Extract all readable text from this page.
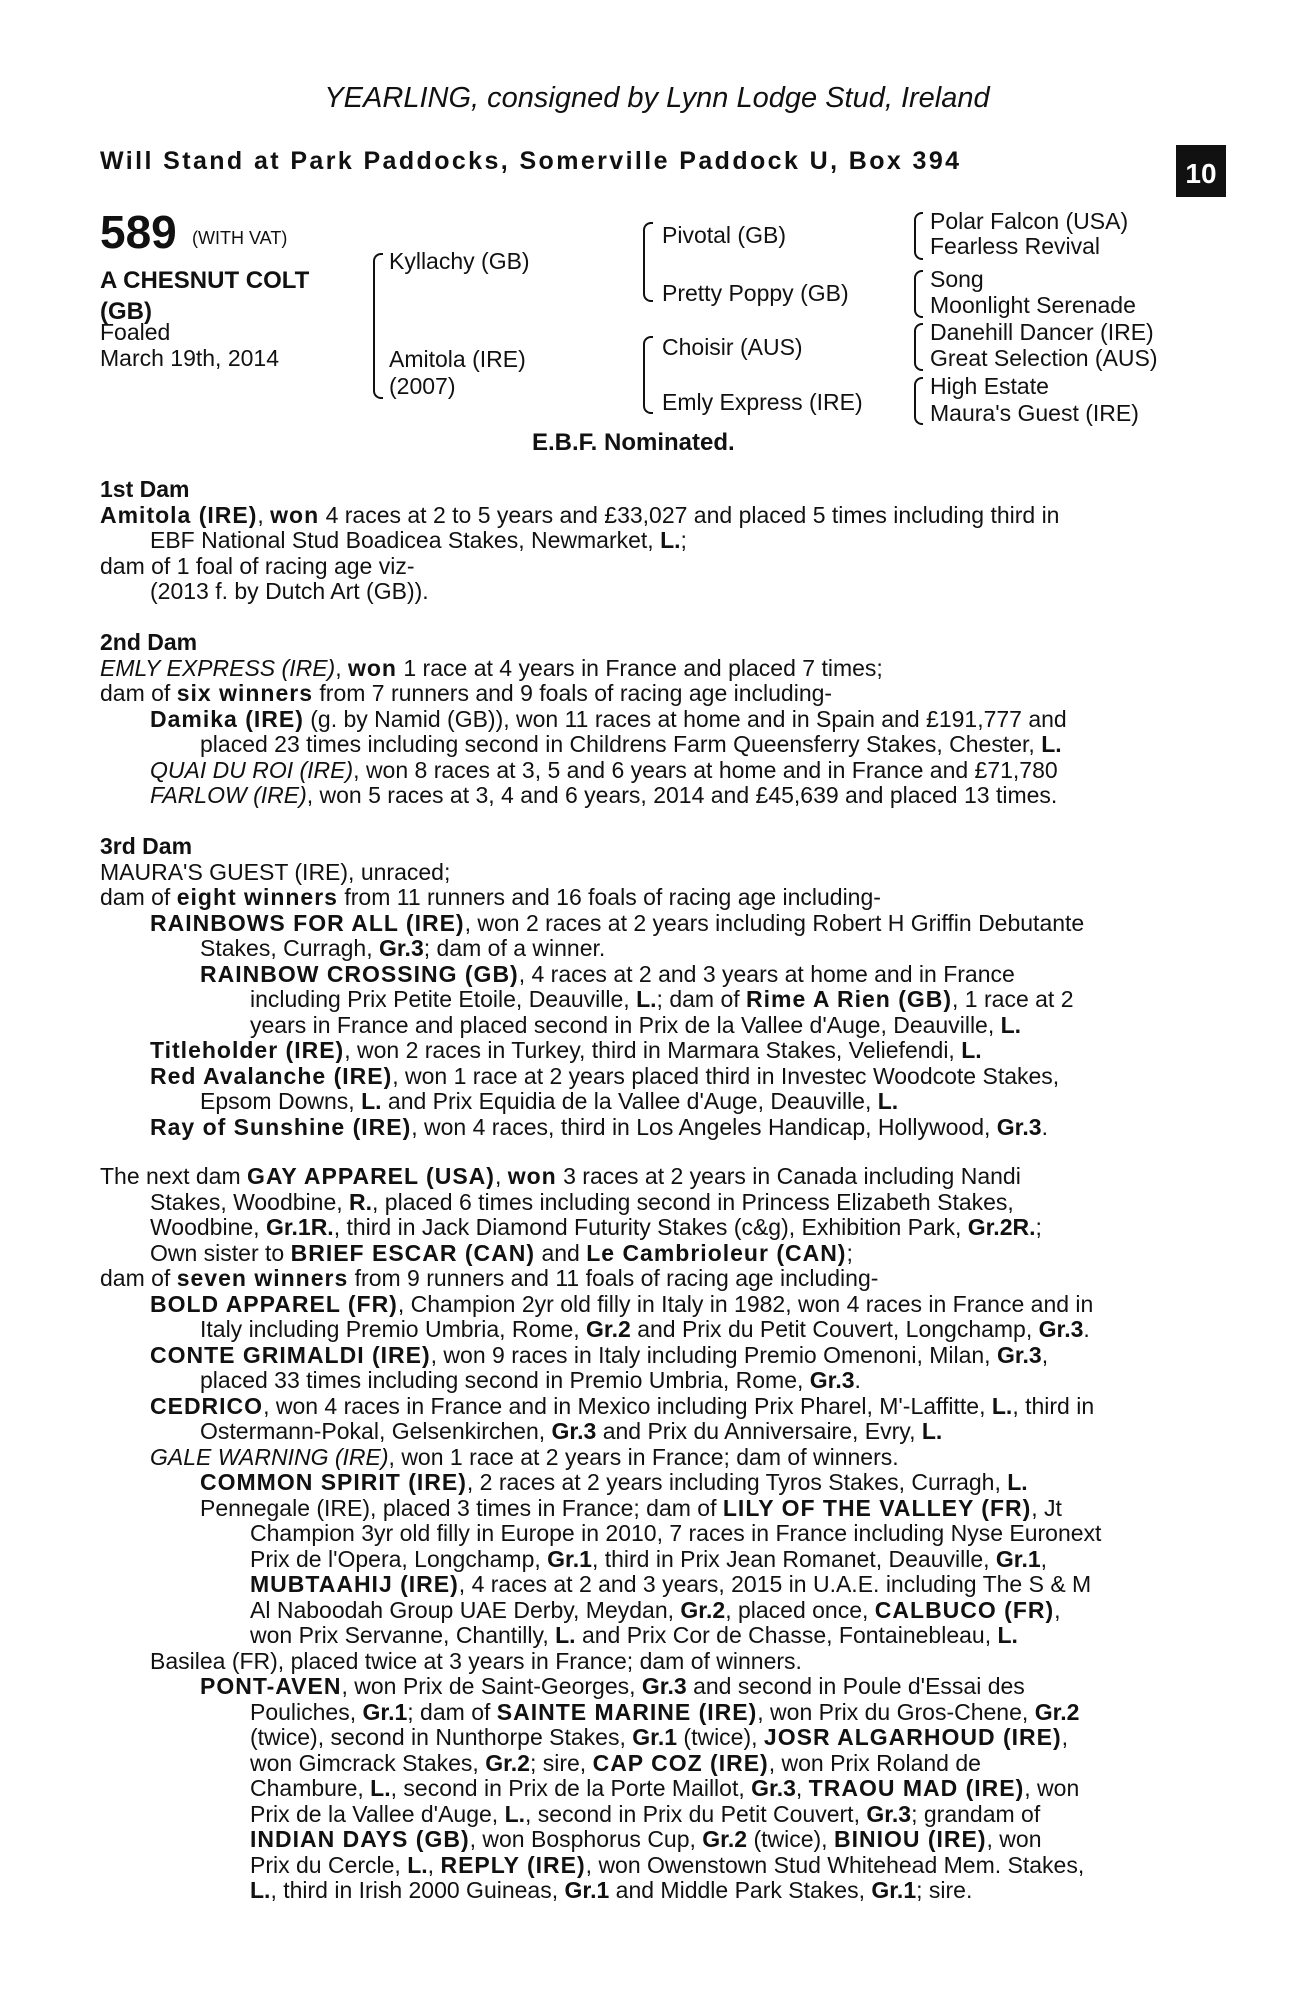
YEARLING, consigned by Lynn Lodge Stud, Ireland
Will Stand at Park Paddocks, Somerville Paddock U, Box 394
+
10
589 (WITH VAT)
A CHESNUT COLT (GB)
Foaled
March 19th, 2014
Kyllachy (GB)
Amitola (IRE)
(2007)
Pivotal (GB)
Pretty Poppy (GB)
Choisir (AUS)
Emly Express (IRE)
Polar Falcon (USA)
Fearless Revival
Song
Moonlight Serenade
Danehill Dancer (IRE)
Great Selection (AUS)
High Estate
Maura's Guest (IRE)
E.B.F. Nominated.

1st Dam

Amitola (IRE), won 4 races at 2 to 5 years and £33,027 and placed 5 times including third in

EBF National Stud Boadicea Stakes, Newmarket, L.;

dam of 1 foal of racing age viz-

(2013 f. by Dutch Art (GB)).

2nd Dam

EMLY EXPRESS (IRE), won 1 race at 4 years in France and placed 7 times;

dam of six winners from 7 runners and 9 foals of racing age including-

Damika (IRE) (g. by Namid (GB)), won 11 races at home and in Spain and £191,777 and

placed 23 times including second in Childrens Farm Queensferry Stakes, Chester, L.

QUAI DU ROI (IRE), won 8 races at 3, 5 and 6 years at home and in France and £71,780

FARLOW (IRE), won 5 races at 3, 4 and 6 years, 2014 and £45,639 and placed 13 times.

3rd Dam

MAURA'S GUEST (IRE), unraced;

dam of eight winners from 11 runners and 16 foals of racing age including-

RAINBOWS FOR ALL (IRE), won 2 races at 2 years including Robert H Griffin Debutante

Stakes, Curragh, Gr.3; dam of a winner.

RAINBOW CROSSING (GB), 4 races at 2 and 3 years at home and in France

including Prix Petite Etoile, Deauville, L.; dam of Rime A Rien (GB), 1 race at 2

years in France and placed second in Prix de la Vallee d'Auge, Deauville, L.

Titleholder (IRE), won 2 races in Turkey, third in Marmara Stakes, Veliefendi, L.

Red Avalanche (IRE), won 1 race at 2 years placed third in Investec Woodcote Stakes,

Epsom Downs, L. and Prix Equidia de la Vallee d'Auge, Deauville, L.

Ray of Sunshine (IRE), won 4 races, third in Los Angeles Handicap, Hollywood, Gr.3.

The next dam GAY APPAREL (USA), won 3 races at 2 years in Canada including Nandi

Stakes, Woodbine, R., placed 6 times including second in Princess Elizabeth Stakes,

Woodbine, Gr.1R., third in Jack Diamond Futurity Stakes (c&g), Exhibition Park, Gr.2R.;

Own sister to BRIEF ESCAR (CAN) and Le Cambrioleur (CAN);

dam of seven winners from 9 runners and 11 foals of racing age including-

BOLD APPAREL (FR), Champion 2yr old filly in Italy in 1982, won 4 races in France and in

Italy including Premio Umbria, Rome, Gr.2 and Prix du Petit Couvert, Longchamp, Gr.3.

CONTE GRIMALDI (IRE), won 9 races in Italy including Premio Omenoni, Milan, Gr.3,

placed 33 times including second in Premio Umbria, Rome, Gr.3.

CEDRICO, won 4 races in France and in Mexico including Prix Pharel, M'-Laffitte, L., third in

Ostermann-Pokal, Gelsenkirchen, Gr.3 and Prix du Anniversaire, Evry, L.

GALE WARNING (IRE), won 1 race at 2 years in France; dam of winners.

COMMON SPIRIT (IRE), 2 races at 2 years including Tyros Stakes, Curragh, L.

Pennegale (IRE), placed 3 times in France; dam of LILY OF THE VALLEY (FR), Jt

Champion 3yr old filly in Europe in 2010, 7 races in France including Nyse Euronext

Prix de l'Opera, Longchamp, Gr.1, third in Prix Jean Romanet, Deauville, Gr.1,

MUBTAAHIJ (IRE), 4 races at 2 and 3 years, 2015 in U.A.E. including The S & M

Al Naboodah Group UAE Derby, Meydan, Gr.2, placed once, CALBUCO (FR),

won Prix Servanne, Chantilly, L. and Prix Cor de Chasse, Fontainebleau, L.

Basilea (FR), placed twice at 3 years in France; dam of winners.

PONT-AVEN, won Prix de Saint-Georges, Gr.3 and second in Poule d'Essai des

Pouliches, Gr.1; dam of SAINTE MARINE (IRE), won Prix du Gros-Chene, Gr.2

(twice), second in Nunthorpe Stakes, Gr.1 (twice), JOSR ALGARHOUD (IRE),

won Gimcrack Stakes, Gr.2; sire, CAP COZ (IRE), won Prix Roland de

Chambure, L., second in Prix de la Porte Maillot, Gr.3, TRAOU MAD (IRE), won

Prix de la Vallee d'Auge, L., second in Prix du Petit Couvert, Gr.3; grandam of

INDIAN DAYS (GB), won Bosphorus Cup, Gr.2 (twice), BINIOU (IRE), won

Prix du Cercle, L., REPLY (IRE), won Owenstown Stud Whitehead Mem. Stakes,

L., third in Irish 2000 Guineas, Gr.1 and Middle Park Stakes, Gr.1; sire.
